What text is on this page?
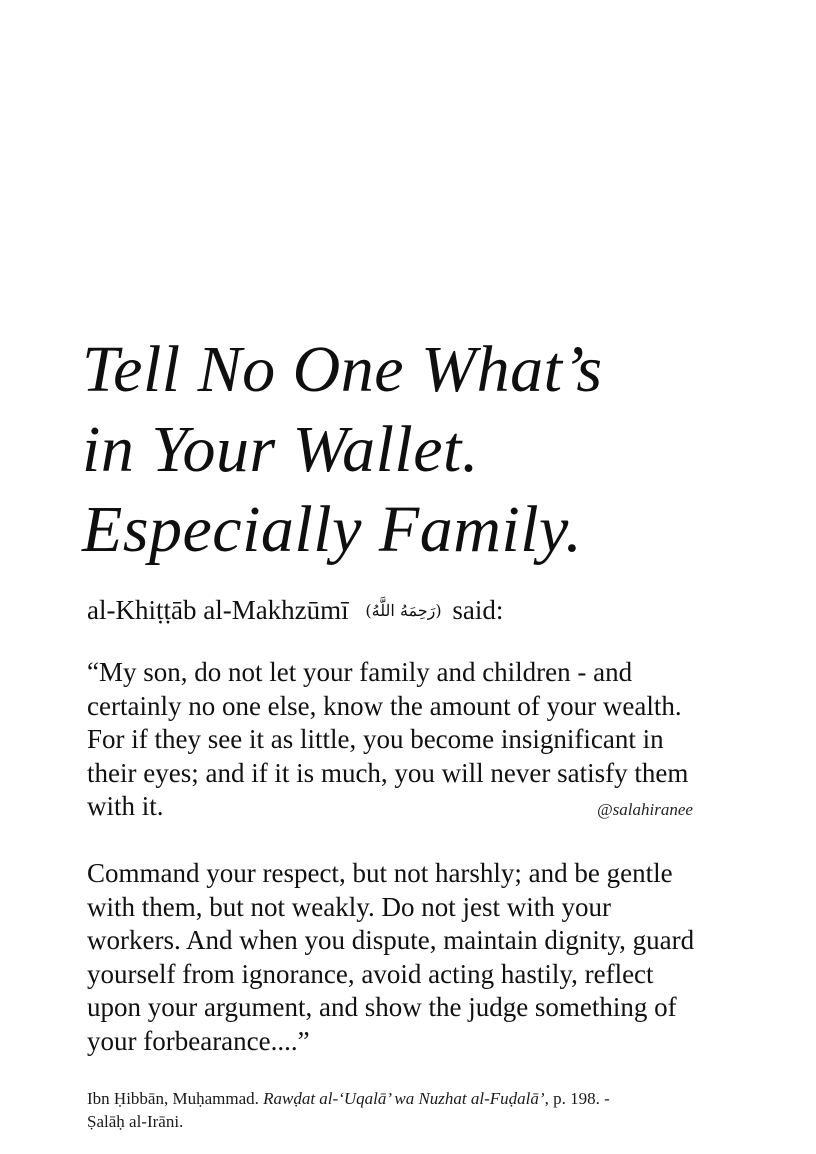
Tell No One What’s
in Your Wallet.
Especially Family.
al-Khiṭṭāb al-Makhzūmī (رَحِمَهُ اللَّهُ) said:
“My son, do not let your family and children - and
certainly no one else, know the amount of your wealth.
For if they see it as little, you become insignificant in
their eyes; and if it is much, you will never satisfy them
with it.	@salahiranee
Command your respect, but not harshly; and be gentle
with them, but not weakly. Do not jest with your
workers. And when you dispute, maintain dignity, guard
yourself from ignorance, avoid acting hastily, reflect
upon your argument, and show the judge something of
your forbearance....”
Ibn Ḥibbān, Muḥammad. Rawḍat al-‘Uqalā’ wa Nuzhat al-Fuḍalā’, p. 198. -
Ṣalāḥ al-Irāni.
